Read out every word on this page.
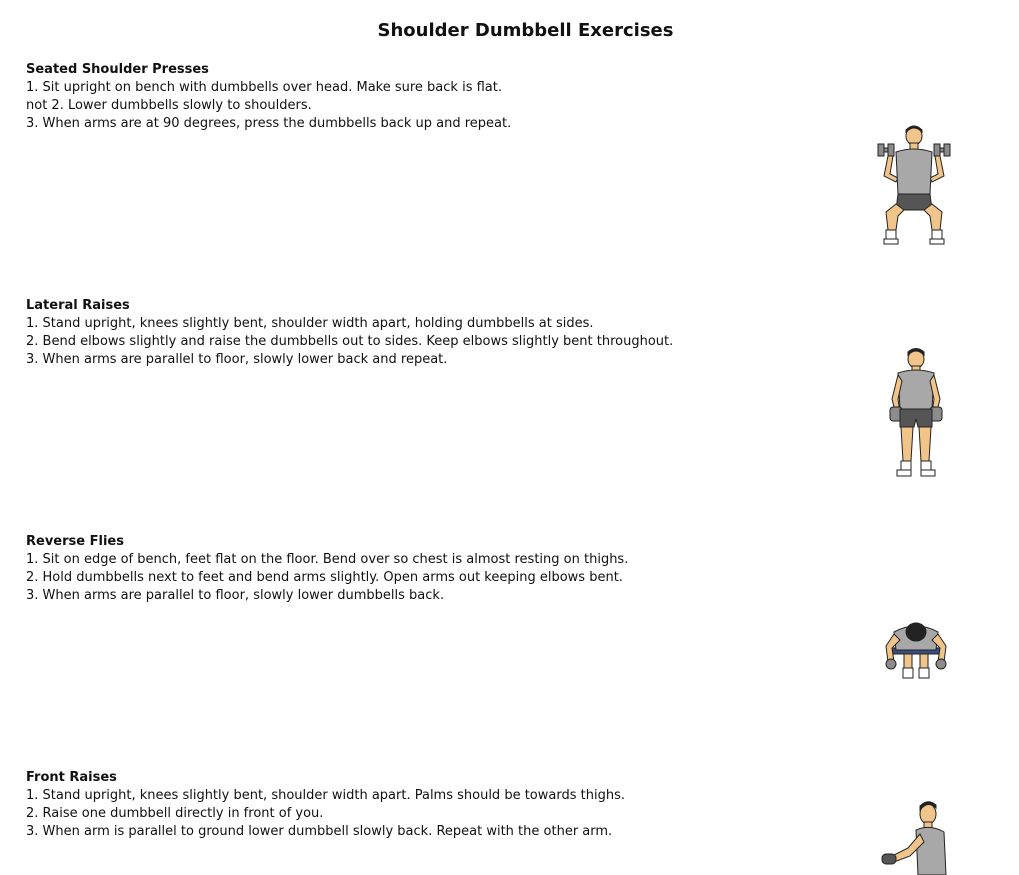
Shoulder Dumbbell Exercises
Seated Shoulder Presses

1. Sit upright on bench with dumbbells over head. Make sure back is flat.

not 2. Lower dumbbells slowly to shoulders.

3. When arms are at 90 degrees, press the dumbbells back up and repeat.

Lateral Raises

1. Stand upright, knees slightly bent, shoulder width apart, holding dumbbells at sides.

2. Bend elbows slightly and raise the dumbbells out to sides. Keep elbows slightly bent throughout.

3. When arms are parallel to floor, slowly lower back and repeat.

Reverse Flies

1. Sit on edge of bench, feet flat on the floor. Bend over so chest is almost resting on thighs.

2. Hold dumbbells next to feet and bend arms slightly. Open arms out keeping elbows bent.

3. When arms are parallel to floor, slowly lower dumbbells back.

Front Raises

1. Stand upright, knees slightly bent, shoulder width apart. Palms should be towards thighs.

2. Raise one dumbbell directly in front of you.

3. When arm is parallel to ground lower dumbbell slowly back. Repeat with the other arm.
